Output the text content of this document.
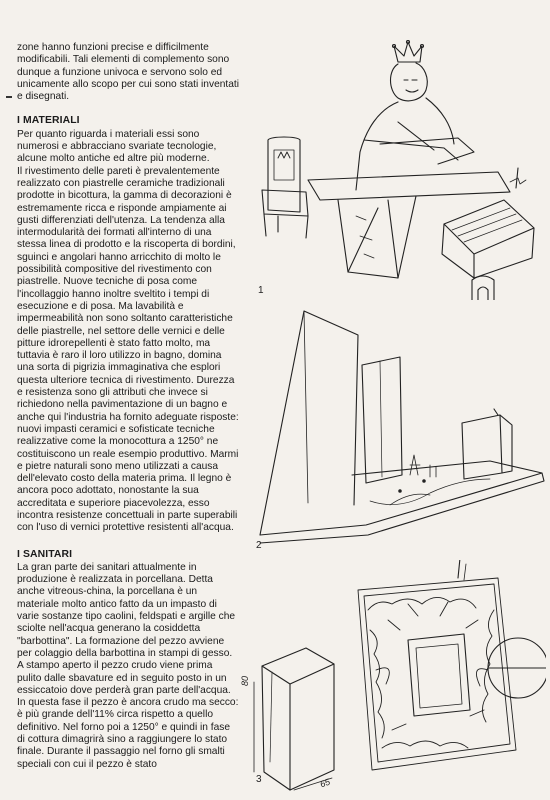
zone hanno funzioni precise e difficilmente modificabili. Tali elementi di complemento sono dunque a funzione univoca e servono solo ed unicamente allo scopo per cui sono stati inventati e disegnati.

I MATERIALI

Per quanto riguarda i materiali essi sono numerosi e abbracciano svariate tecnologie, alcune molto antiche ed altre più moderne.

Il rivestimento delle pareti è prevalentemente realizzato con piastrelle ceramiche tradizionali prodotte in bicottura, la gamma di decorazioni è estremamente ricca e risponde ampiamente ai gusti differenziati dell'utenza. La tendenza alla intermodularità dei formati all'interno di una stessa linea di prodotto e la riscoperta di bordini, sguinci e angolari hanno arricchito di molto le possibilità compositive del rivestimento con piastrelle. Nuove tecniche di posa come l'incollaggio hanno inoltre sveltito i tempi di esecuzione e di posa. Ma lavabilità e impermeabilità non sono soltanto caratteristiche delle piastrelle, nel settore delle vernici e delle pitture idrorepellenti è stato fatto molto, ma tuttavia è raro il loro utilizzo in bagno, domina una sorta di pigrizia immaginativa che esplori questa ulteriore tecnica di rivestimento. Durezza e resistenza sono gli attributi che invece si richiedono nella pavimentazione di un bagno e anche qui l'industria ha fornito adeguate risposte: nuovi impasti ceramici e sofisticate tecniche realizzative come la monocottura a 1250° ne costituiscono un reale esempio produttivo. Marmi e pietre naturali sono meno utilizzati a causa dell'elevato costo della materia prima. Il legno è ancora poco adottato, nonostante la sua accreditata e superiore piacevolezza, esso incontra resistenze concettuali in parte superabili con l'uso di vernici protettive resistenti all'acqua.

I SANITARI

La gran parte dei sanitari attualmente in produzione è realizzata in porcellana. Detta anche vitreous-china, la porcellana è un materiale molto antico fatto da un impasto di varie sostanze tipo caolini, feldspati e argille che sciolte nell'acqua generano la cosiddetta "barbottina". La formazione del pezzo avviene per colaggio della barbottina in stampi di gesso. A stampo aperto il pezzo crudo viene prima pulito dalle sbavature ed in seguito posto in un essiccatoio dove perderà gran parte dell'acqua. In questa fase il pezzo è ancora crudo ma secco: è più grande dell'11% circa rispetto a quello definitivo. Nel forno poi a 1250° e quindi in fase di cottura dimagrirà sino a raggiungere lo stato finale. Durante il passaggio nel forno gli smalti speciali con cui il pezzo è stato

1
2
80
65
3
